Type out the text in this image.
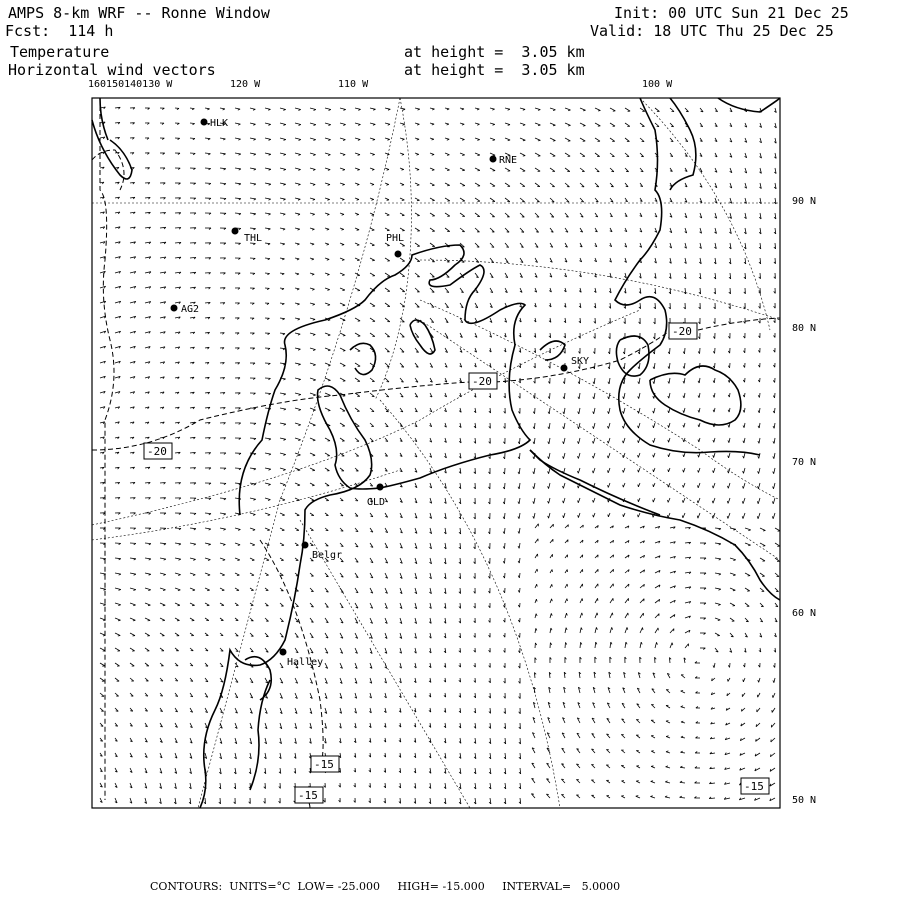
AMPS 8-km WRF -- Ronne Window
Fcst:  114 h
Init: 00 UTC Sun 21 Dec 25
Valid: 18 UTC Thu 25 Dec 25
Temperature
Horizontal wind vectors
at height =  3.05 km
at height =  3.05 km
160150140130 W	120 W	110 W	100 W
90 N
80 N
70 N
60 N
50 N
HLK
RNE
THL	PHL
AG2
SKY
GLD
Belgr
Halley
-20
-20
-20
-15
-15
-15
CONTOURS:  UNITS=°C  LOW= -25.000     HIGH= -15.000     INTERVAL=   5.0000
